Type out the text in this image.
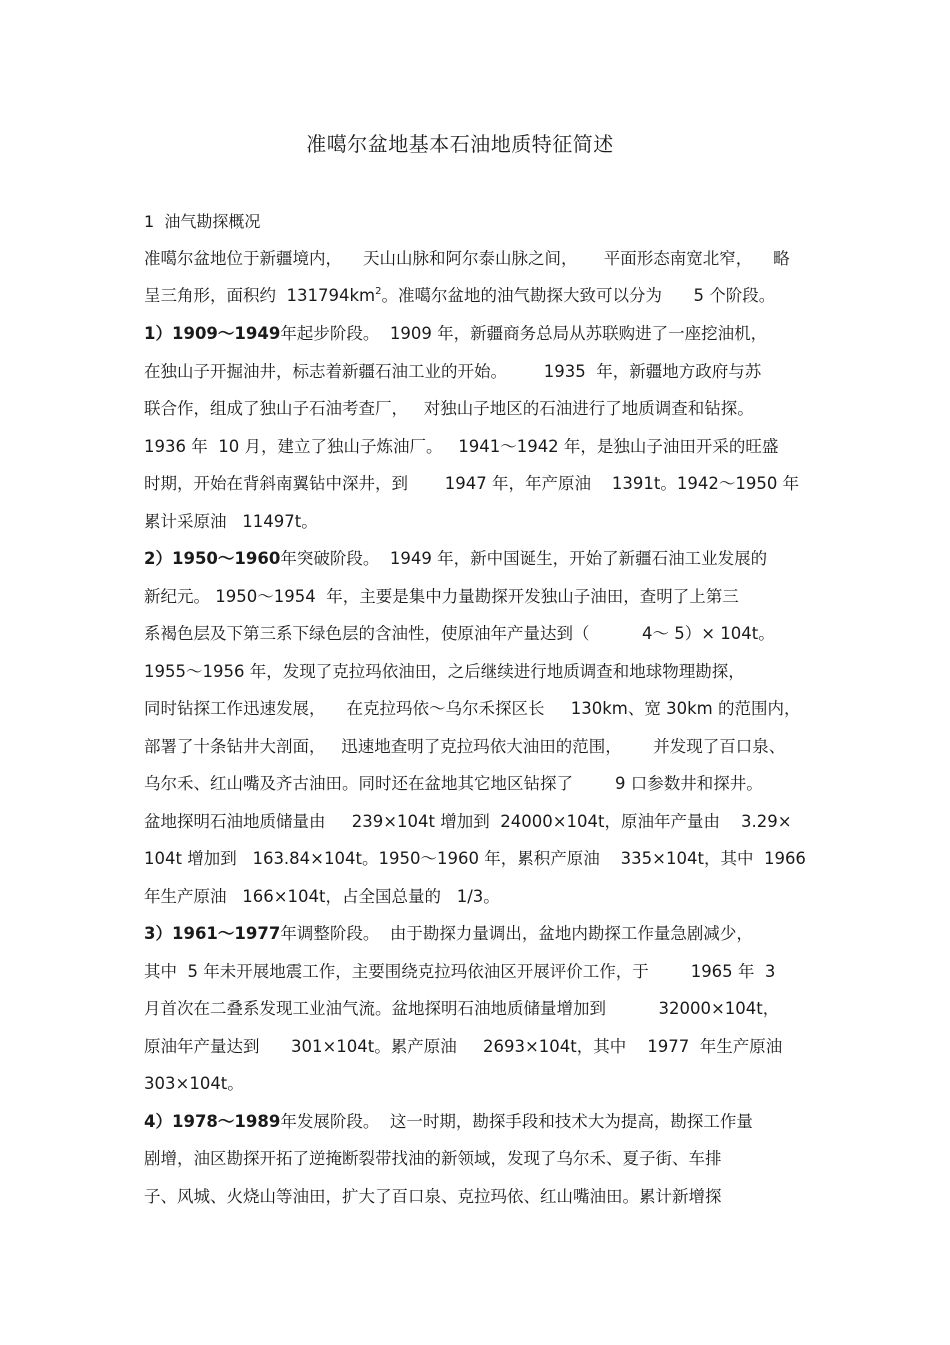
准噶尔盆地基本石油地质特征简述
1  油气勘探概况
准噶尔盆地位于新疆境内，    天山山脉和阿尔泰山脉之间，     平面形态南宽北窄，    略
呈三角形，面积约  $131794km^2$。准噶尔盆地的油气勘探大致可以分为      5 个阶段。
1）1909～1949年起步阶段。  1909 年，新疆商务总局从苏联购进了一座挖油机，
在独山子开掘油井，标志着新疆石油工业的开始。       1935  年，新疆地方政府与苏
联合作，组成了独山子石油考查厂，   对独山子地区的石油进行了地质调查和钻探。
1936 年  10 月，建立了独山子炼油厂。   1941～1942 年，是独山子油田开采的旺盛
时期，开始在背斜南翼钻中深井，到       1947 年，年产原油    1391t。1942～1950 年
累计采原油   11497t。
2）1950～1960年突破阶段。  1949 年，新中国诞生，开始了新疆石油工业发展的
新纪元。 1950～1954  年，主要是集中力量勘探开发独山子油田，查明了上第三
系褐色层及下第三系下绿色层的含油性，使原油年产量达到（          4～ 5）× 104t。
1955～1956 年，发现了克拉玛依油田，之后继续进行地质调查和地球物理勘探，
同时钻探工作迅速发展，    在克拉玛依～乌尔禾探区长     130km、宽 30km 的范围内，
部署了十条钻井大剖面，   迅速地查明了克拉玛依大油田的范围，      并发现了百口泉、
乌尔禾、红山嘴及齐古油田。同时还在盆地其它地区钻探了        9 口参数井和探井。
盆地探明石油地质储量由     239×104t 增加到  24000×104t，原油年产量由    3.29×
104t 增加到   163.84×104t。1950～1960 年，累积产原油    335×104t，其中  1966
年生产原油   166×104t，占全国总量的   1/3。
3）1961～1977年调整阶段。  由于勘探力量调出，盆地内勘探工作量急剧减少，
其中  5 年未开展地震工作，主要围绕克拉玛依油区开展评价工作，于        1965 年  3
月首次在二叠系发现工业油气流。盆地探明石油地质储量增加到          32000×104t，
原油年产量达到      301×104t。累产原油     2693×104t，其中    1977  年生产原油
303×104t。
4）1978～1989年发展阶段。  这一时期，勘探手段和技术大为提高，勘探工作量
剧增，油区勘探开拓了逆掩断裂带找油的新领域，发现了乌尔禾、夏子街、车排
子、风城、火烧山等油田，扩大了百口泉、克拉玛依、红山嘴油田。累计新增探
